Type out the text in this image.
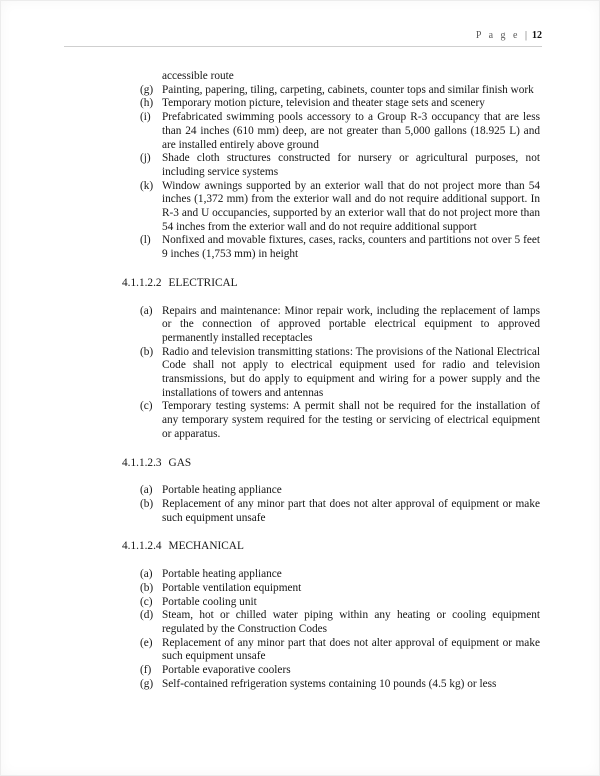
P a g e | 12

accessible route

(g) Painting, papering, tiling, carpeting, cabinets, counter tops and similar finish work
(h) Temporary motion picture, television and theater stage sets and scenery
(i)	Prefabricated swimming pools accessory to a Group R-3 occupancy that are less than 24 inches (610 mm) deep, are not greater than 5,000 gallons (18.925 L) and are installed entirely above ground
(j)	Shade cloth structures constructed for nursery or agricultural purposes, not including service systems
(k) Window awnings supported by an exterior wall that do not project more than 54 inches (1,372 mm) from the exterior wall and do not require additional support. In R-3 and U occupancies, supported by an exterior wall that do not project more than 54 inches from the exterior wall and do not require additional support
(l)	Nonfixed and movable fixtures, cases, racks, counters and partitions not over 5 feet 9 inches (1,753 mm) in height
4.1.1.2.2 ELECTRICAL
(a) Repairs and maintenance: Minor repair work, including the replacement of lamps or the connection of approved portable electrical equipment to approved permanently installed receptacles
(b) Radio and television transmitting stations: The provisions of the National Electrical Code shall not apply to electrical equipment used for radio and television transmissions, but do apply to equipment and wiring for a power supply and the installations of towers and antennas
(c) Temporary testing systems: A permit shall not be required for the installation of any temporary system required for the testing or servicing of electrical equipment or apparatus.
4.1.1.2.3 GAS
(a) Portable heating appliance
(b) Replacement of any minor part that does not alter approval of equipment or make such equipment unsafe
4.1.1.2.4 MECHANICAL
(a) Portable heating appliance
(b) Portable ventilation equipment
(c) Portable cooling unit
(d) Steam, hot or chilled water piping within any heating or cooling equipment regulated by the Construction Codes
(e) Replacement of any minor part that does not alter approval of equipment or make such equipment unsafe
(f) Portable evaporative coolers
(g) Self-contained refrigeration systems containing 10 pounds (4.5 kg) or less
